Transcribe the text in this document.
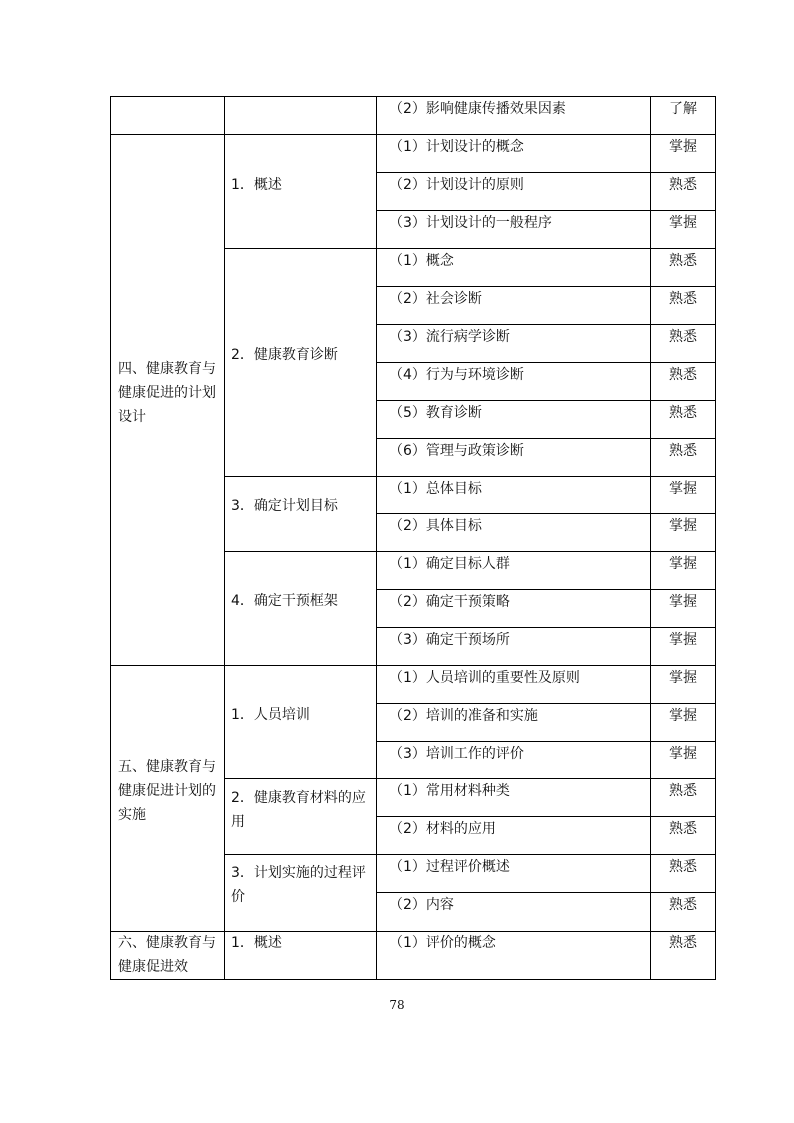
四、健康教育与健康促进的计划设计
五、健康教育与健康促进计划的实施
六、健康教育与健康促进效
1．概述
2．健康教育诊断
3．确定计划目标
4．确定干预框架
1．人员培训
2．健康教育材料的应用
3．计划实施的过程评价
1．概述
（2）影响健康传播效果因素
（1）计划设计的概念
（2）计划设计的原则
（3）计划设计的一般程序
（1）概念
（2）社会诊断
（3）流行病学诊断
（4）行为与环境诊断
（5）教育诊断
（6）管理与政策诊断
（1）总体目标
（2）具体目标
（1）确定目标人群
（2）确定干预策略
（3）确定干预场所
（1）人员培训的重要性及原则
（2）培训的准备和实施
（3）培训工作的评价
（1）常用材料种类
（2）材料的应用
（1）过程评价概述
（2）内容
（1）评价的概念
了解
掌握
熟悉
掌握
熟悉
熟悉
熟悉
熟悉
熟悉
熟悉
掌握
掌握
掌握
掌握
掌握
掌握
掌握
掌握
熟悉
熟悉
熟悉
熟悉
熟悉
78
